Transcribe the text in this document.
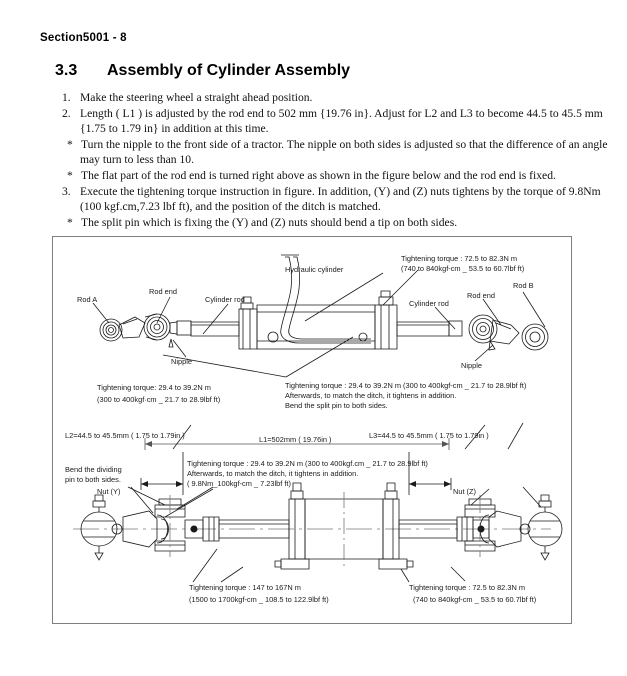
Section5001 - 8
3.3	Assembly of Cylinder Assembly
1. Make the steering wheel a straight ahead position.
2. Length ( L1 ) is adjusted by the rod end to 502 mm {19.76 in}. Adjust for L2 and L3 to become 44.5 to 45.5 mm
{1.75 to 1.79 in} in addition at this time.
* Turn the nipple to the front side of a tractor. The nipple on both sides is adjusted so that the difference of an angle
may turn to less than 10.
* The flat part of the rod end is turned right above as shown in the figure below and the rod end is fixed.
3. Execute the tightening torque instruction in figure. In addition, (Y) and (Z) nuts tightens by the torque of 9.8Nm
(100 kgf.cm,7.23 lbf ft), and the position of the ditch is matched.
* The split pin which is fixing the (Y) and (Z) nuts should bend a tip on both sides.
Rod A
Rod end
Cylinder rod
Hydraulic cylinder
Cylinder rod
Rod end
Rod B
Nipple	Nipple
Tightening torque : 72.5 to 82.3N m
(740 to 840kgf-cm _ 53.5 to 60.7lbf ft)
Tightening torque: 29.4 to 39.2N m
(300 to 400kgf·cm _ 21.7 to 28.9lbf ft)
Tightening torque : 29.4 to 39.2N m (300 to 400kgf-cm _ 21.7 to 28.9lbf ft)
Afterwards, to match the ditch, it tightens in addition.
Bend the split pin to both sides.
L2=44.5 to 45.5mm ( 1.75 to 1.79in )	L1=502mm ( 19.76in )	L3=44.5 to 45.5mm ( 1.75 to 1.79in )
Bend the dividing
pin to both sides.
Nut (Y)	Nut (Z)
Tightening torque : 29.4 to 39.2N m (300 to 400kgf.cm _ 21.7 to 28.9lbf ft)
Afterwards, to match the ditch, it tightens in addition.
( 9.8Nm_100kgf-cm _ 7.23lbf ft)
Tightening torque : 147 to 167N m
(1500 to 1700kgf-cm _ 108.5 to 122.9lbf ft)
Tightening torque : 72.5 to 82.3N m
(740 to 840kgf-cm _ 53.5 to 60.7lbf ft)
